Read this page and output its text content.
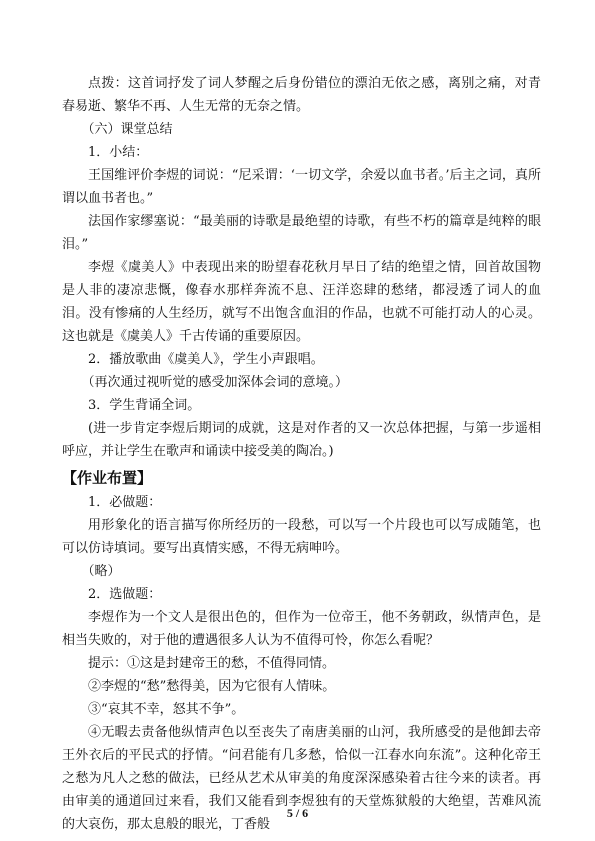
点拨：这首词抒发了词人梦醒之后身份错位的漂泊无依之感，离别之痛，对青春易逝、繁华不再、人生无常的无奈之情。

（六）课堂总结

1．小结：

王国维评价李煜的词说：“尼采谓：‘一切文学，余爱以血书者。’后主之词，真所谓以血书者也。”

法国作家缪塞说：“最美丽的诗歌是最绝望的诗歌，有些不朽的篇章是纯粹的眼泪。”

李煜《虞美人》中表现出来的盼望春花秋月早日了结的绝望之情，回首故国物是人非的凄凉悲慨，像春水那样奔流不息、汪洋恣肆的愁绪，都浸透了词人的血泪。没有惨痛的人生经历，就写不出饱含血泪的作品，也就不可能打动人的心灵。这也就是《虞美人》千古传诵的重要原因。

2．播放歌曲《虞美人》，学生小声跟唱。

（再次通过视听觉的感受加深体会词的意境。）

3．学生背诵全词。

(进一步肯定李煜后期词的成就，这是对作者的又一次总体把握，与第一步遥相呼应，并让学生在歌声和诵读中接受美的陶冶。)

【作业布置】

1．必做题：

用形象化的语言描写你所经历的一段愁，可以写一个片段也可以写成随笔，也可以仿诗填词。要写出真情实感，不得无病呻吟。

（略）

2．选做题：

李煜作为一个文人是很出色的，但作为一位帝王，他不务朝政，纵情声色，是相当失败的，对于他的遭遇很多人认为不值得可怜，你怎么看呢？

提示：①这是封建帝王的愁，不值得同情。

②李煜的“愁”愁得美，因为它很有人情味。

③“哀其不幸，怒其不争”。

④无暇去责备他纵情声色以至丧失了南唐美丽的山河，我所感受的是他卸去帝王外衣后的平民式的抒情。“问君能有几多愁，恰似一江春水向东流”。这种化帝王之愁为凡人之愁的做法，已经从艺术从审美的角度深深感染着古往今来的读者。再由审美的通道回过来看，我们又能看到李煜独有的天堂炼狱般的大绝望，苦难风流的大哀伤，那太息般的眼光，丁香般

5 / 6
